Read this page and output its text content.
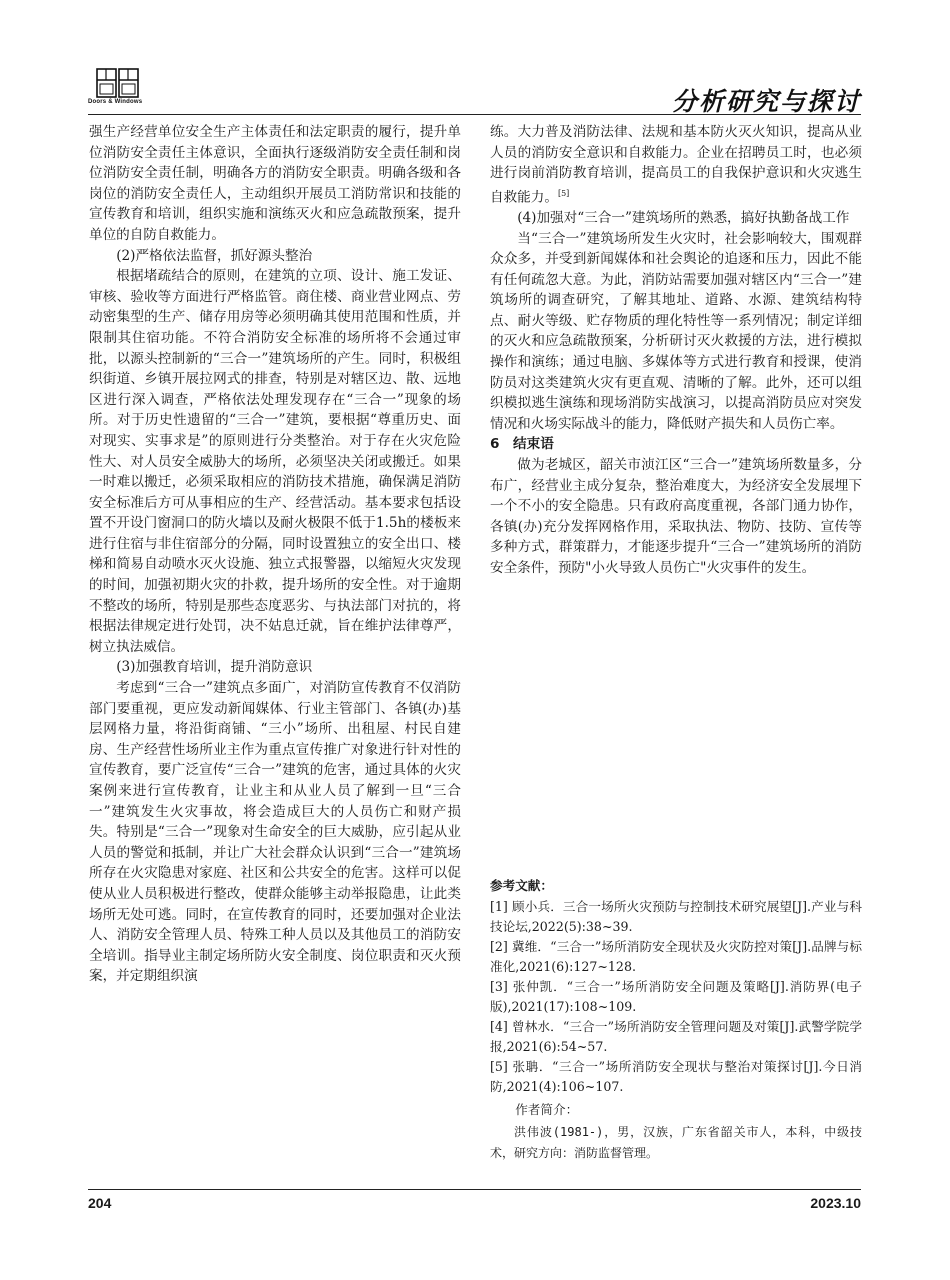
Doors & Windows	分析研究与探讨

强生产经营单位安全生产主体责任和法定职责的履行，提升单位消防安全责任主体意识，全面执行逐级消防安全责任制和岗位消防安全责任制，明确各方的消防安全职责。明确各级和各岗位的消防安全责任人，主动组织开展员工消防常识和技能的宣传教育和培训，组织实施和演练灭火和应急疏散预案，提升单位的自防自救能力。

(2)严格依法监督，抓好源头整治

根据堵疏结合的原则，在建筑的立项、设计、施工发证、审核、验收等方面进行严格监管。商住楼、商业营业网点、劳动密集型的生产、储存用房等必须明确其使用范围和性质，并限制其住宿功能。不符合消防安全标准的场所将不会通过审批，以源头控制新的“三合一”建筑场所的产生。同时，积极组织街道、乡镇开展拉网式的排查，特别是对辖区边、散、远地区进行深入调查，严格依法处理发现存在“三合一”现象的场所。对于历史性遗留的“三合一”建筑，要根据“尊重历史、面对现实、实事求是”的原则进行分类整治。对于存在火灾危险性大、对人员安全威胁大的场所，必须坚决关闭或搬迁。如果一时难以搬迁，必须采取相应的消防技术措施，确保满足消防安全标准后方可从事相应的生产、经营活动。基本要求包括设置不开设门窗洞口的防火墙以及耐火极限不低于1.5h的楼板来进行住宿与非住宿部分的分隔，同时设置独立的安全出口、楼梯和简易自动喷水灭火设施、独立式报警器，以缩短火灾发现的时间，加强初期火灾的扑救，提升场所的安全性。对于逾期不整改的场所，特别是那些态度恶劣、与执法部门对抗的，将根据法律规定进行处罚，决不姑息迁就，旨在维护法律尊严，树立执法威信。

(3)加强教育培训，提升消防意识

考虑到“三合一”建筑点多面广，对消防宣传教育不仅消防部门要重视，更应发动新闻媒体、行业主管部门、各镇(办)基层网格力量，将沿街商铺、“三小”场所、出租屋、村民自建房、生产经营性场所业主作为重点宣传推广对象进行针对性的宣传教育，要广泛宣传“三合一”建筑的危害，通过具体的火灾案例来进行宣传教育，让业主和从业人员了解到一旦“三合一”建筑发生火灾事故，将会造成巨大的人员伤亡和财产损失。特别是“三合一”现象对生命安全的巨大威胁，应引起从业人员的警觉和抵制，并让广大社会群众认识到“三合一”建筑场所存在火灾隐患对家庭、社区和公共安全的危害。这样可以促使从业人员积极进行整改，使群众能够主动举报隐患，让此类场所无处可逃。同时，在宣传教育的同时，还要加强对企业法人、消防安全管理人员、特殊工种人员以及其他员工的消防安全培训。指导业主制定场所防火安全制度、岗位职责和灭火预案，并定期组织演

练。大力普及消防法律、法规和基本防火灭火知识，提高从业人员的消防安全意识和自救能力。企业在招聘员工时，也必须进行岗前消防教育培训，提高员工的自我保护意识和火灾逃生自救能力。[5]

(4)加强对“三合一”建筑场所的熟悉，搞好执勤备战工作

当“三合一”建筑场所发生火灾时，社会影响较大，围观群众众多，并受到新闻媒体和社会舆论的追逐和压力，因此不能有任何疏忽大意。为此，消防站需要加强对辖区内“三合一”建筑场所的调查研究，了解其地址、道路、水源、建筑结构特点、耐火等级、贮存物质的理化特性等一系列情况；制定详细的灭火和应急疏散预案，分析研讨灭火救援的方法，进行模拟操作和演练；通过电脑、多媒体等方式进行教育和授课，使消防员对这类建筑火灾有更直观、清晰的了解。此外，还可以组织模拟逃生演练和现场消防实战演习，以提高消防员应对突发情况和火场实际战斗的能力，降低财产损失和人员伤亡率。

6　结束语

做为老城区，韶关市浈江区“三合一”建筑场所数量多，分布广，经营业主成分复杂，整治难度大，为经济安全发展埋下一个不小的安全隐患。只有政府高度重视，各部门通力协作，各镇(办)充分发挥网格作用，采取执法、物防、技防、宣传等多种方式，群策群力，才能逐步提升“三合一”建筑场所的消防安全条件，预防"小火导致人员伤亡"火灾事件的发生。

参考文献：

[1] 顾小兵．三合一场所火灾预防与控制技术研究展望[J].产业与科技论坛,2022(5):38~39.

[2] 冀维．“三合一”场所消防安全现状及火灾防控对策[J].品牌与标准化,2021(6):127~128.

[3] 张仲凯．“三合一”场所消防安全问题及策略[J].消防界(电子版),2021(17):108~109.

[4] 曾林水．“三合一”场所消防安全管理问题及对策[J].武警学院学报,2021(6):54~57.

[5] 张聃．“三合一”场所消防安全现状与整治对策探讨[J].今日消防,2021(4):106~107.

作者简介：

洪伟波(1981-)，男，汉族，广东省韶关市人，本科，中级技术，研究方向：消防监督管理。

204	2023.10
